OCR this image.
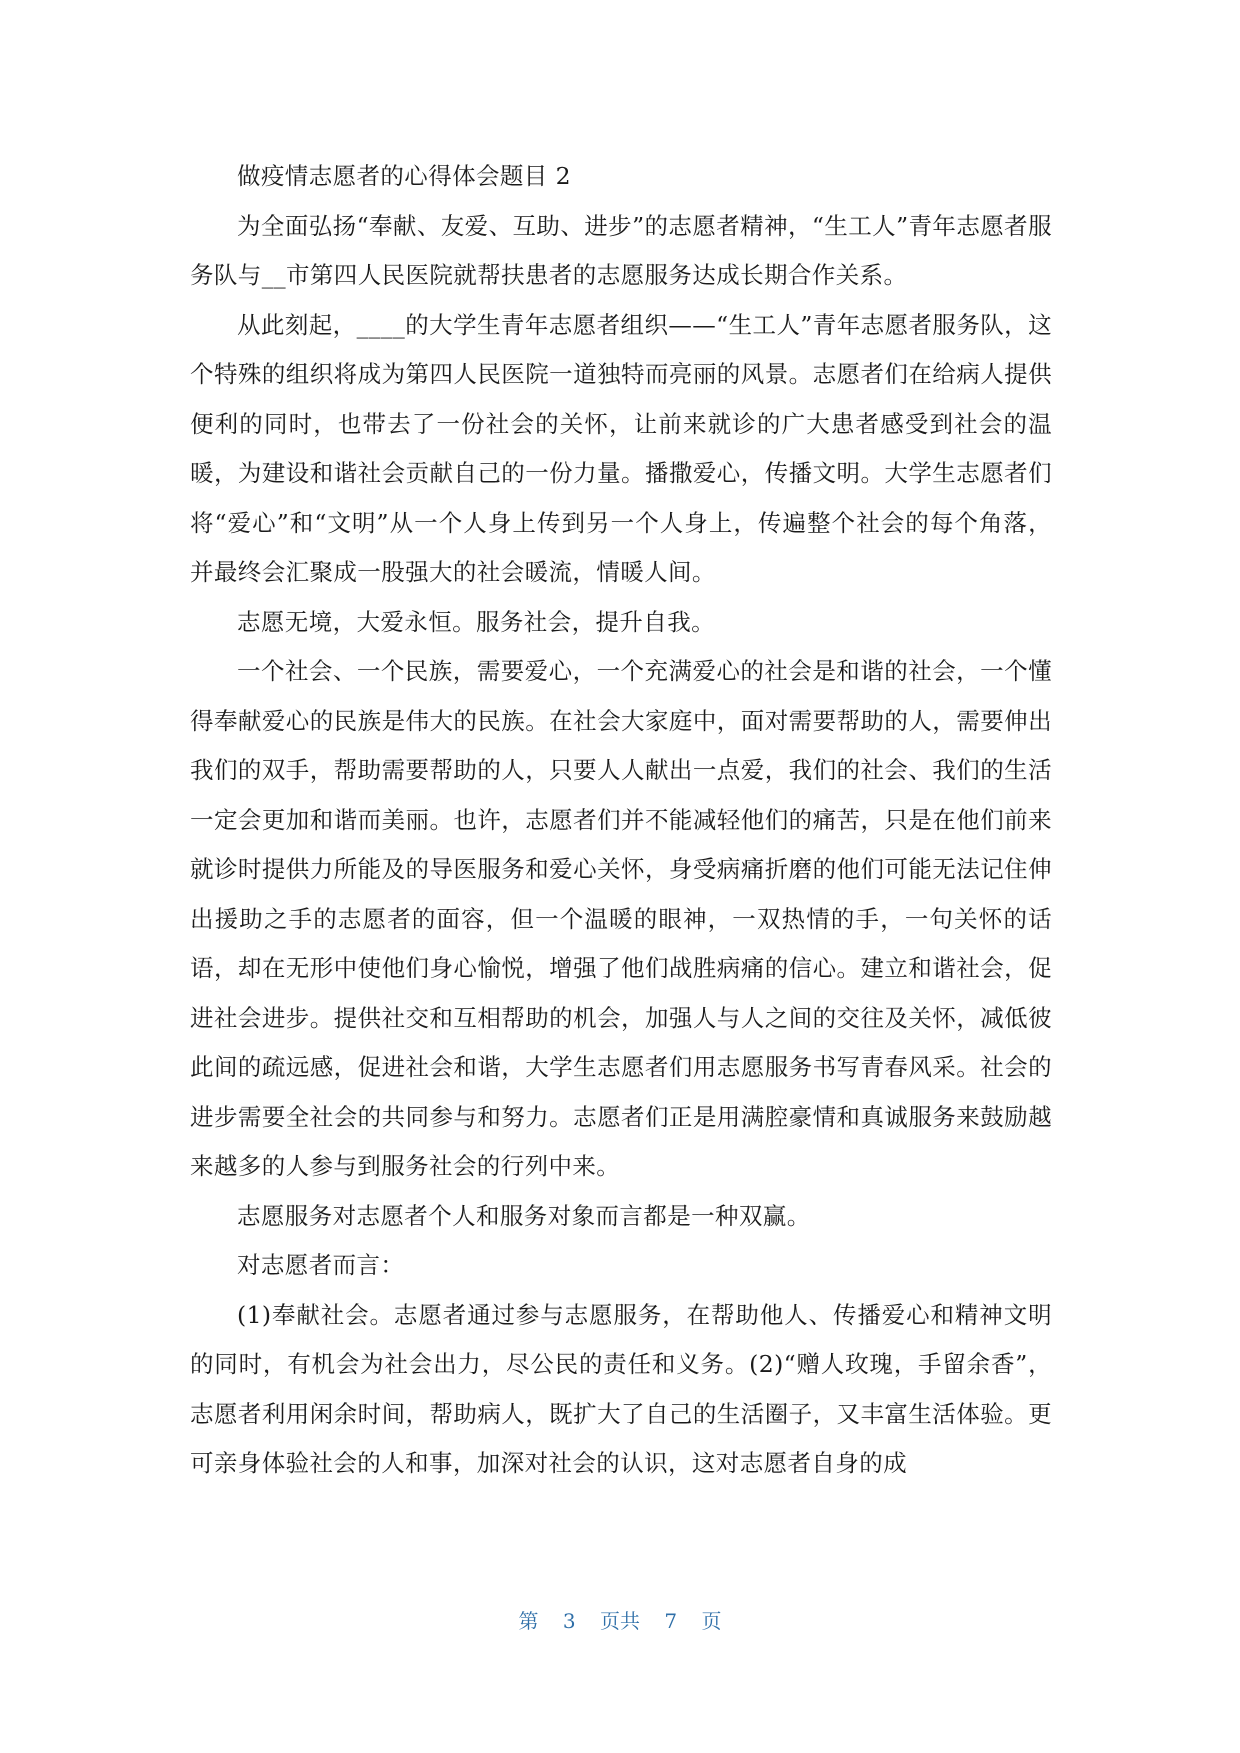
做疫情志愿者的心得体会题目 2

为全面弘扬“奉献、友爱、互助、进步”的志愿者精神，“生工人”青年志愿者服务队与__市第四人民医院就帮扶患者的志愿服务达成长期合作关系。

从此刻起，____的大学生青年志愿者组织——“生工人”青年志愿者服务队，这个特殊的组织将成为第四人民医院一道独特而亮丽的风景。志愿者们在给病人提供便利的同时，也带去了一份社会的关怀，让前来就诊的广大患者感受到社会的温暖，为建设和谐社会贡献自己的一份力量。播撒爱心，传播文明。大学生志愿者们将“爱心”和“文明”从一个人身上传到另一个人身上，传遍整个社会的每个角落，并最终会汇聚成一股强大的社会暖流，情暖人间。

志愿无境，大爱永恒。服务社会，提升自我。

一个社会、一个民族，需要爱心，一个充满爱心的社会是和谐的社会，一个懂得奉献爱心的民族是伟大的民族。在社会大家庭中，面对需要帮助的人，需要伸出我们的双手，帮助需要帮助的人，只要人人献出一点爱，我们的社会、我们的生活一定会更加和谐而美丽。也许，志愿者们并不能减轻他们的痛苦，只是在他们前来就诊时提供力所能及的导医服务和爱心关怀，身受病痛折磨的他们可能无法记住伸出援助之手的志愿者的面容，但一个温暖的眼神，一双热情的手，一句关怀的话语，却在无形中使他们身心愉悦，增强了他们战胜病痛的信心。建立和谐社会，促进社会进步。提供社交和互相帮助的机会，加强人与人之间的交往及关怀，减低彼此间的疏远感，促进社会和谐，大学生志愿者们用志愿服务书写青春风采。社会的进步需要全社会的共同参与和努力。志愿者们正是用满腔豪情和真诚服务来鼓励越来越多的人参与到服务社会的行列中来。

志愿服务对志愿者个人和服务对象而言都是一种双赢。

对志愿者而言：

(1)奉献社会。志愿者通过参与志愿服务，在帮助他人、传播爱心和精神文明的同时，有机会为社会出力，尽公民的责任和义务。(2)“赠人玫瑰，手留余香”，志愿者利用闲余时间，帮助病人，既扩大了自己的生活圈子，又丰富生活体验。更可亲身体验社会的人和事，加深对社会的认识，这对志愿者自身的成

第 3 页共 7 页
